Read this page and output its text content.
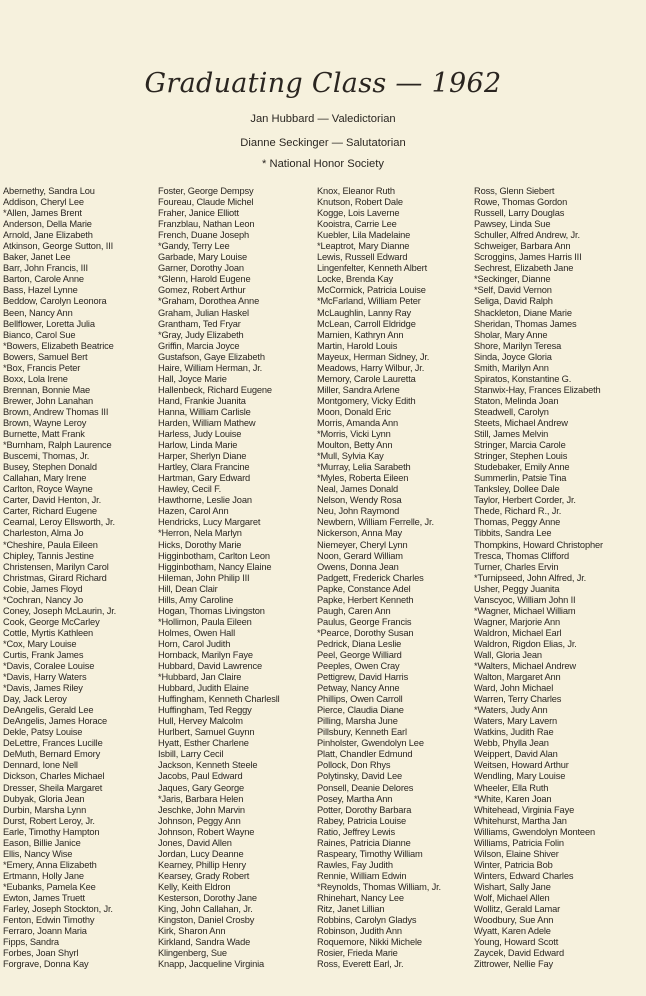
Graduating Class — 1962
Jan Hubbard — Valedictorian
Dianne Seckinger — Salutatorian
* National Honor Society
Abernethy, Sandra Lou
Addison, Cheryl Lee
*Allen, James Brent
Anderson, Della Marie
Arnold, Jane Elizabeth
Atkinson, George Sutton, III
Baker, Janet Lee
Barr, John Francis, III
Barton, Carole Anne
Bass, Hazel Lynne
Beddow, Carolyn Leonora
Been, Nancy Ann
Bellflower, Loretta Julia
Bianco, Carol Sue
*Bowers, Elizabeth Beatrice
Bowers, Samuel Bert
*Box, Francis Peter
Boxx, Lola Irene
Brennan, Bonnie Mae
Brewer, John Lanahan
Brown, Andrew Thomas III
Brown, Wayne Leroy
Burnette, Matt Frank
*Burnham, Ralph Laurence
Buscemi, Thomas, Jr.
Busey, Stephen Donald
Callahan, Mary Irene
Carlton, Royce Wayne
Carter, David Henton, Jr.
Carter, Richard Eugene
Cearnal, Leroy Ellsworth, Jr.
Charleston, Alma Jo
*Cheshire, Paula Eileen
Chipley, Tannis Jestine
Christensen, Marilyn Carol
Christmas, Girard Richard
Cobie, James Floyd
*Cochran, Nancy Jo
Coney, Joseph McLaurin, Jr.
Cook, George McCarley
Cottle, Myrtis Kathleen
*Cox, Mary Louise
Curtis, Frank James
*Davis, Coralee Louise
*Davis, Harry Waters
*Davis, James Riley
Day, Jack Leroy
DeAngelis, Gerald Lee
DeAngelis, James Horace
Dekle, Patsy Louise
DeLettre, Frances Lucille
DeMuth, Bernard Emory
Dennard, Ione Nell
Dickson, Charles Michael
Dresser, Sheila Margaret
Dubyak, Gloria Jean
Durbin, Marsha Lynn
Durst, Robert Leroy, Jr.
Earle, Timothy Hampton
Eason, Billie Janice
Ellis, Nancy Wise
*Emery, Anna Elizabeth
Ertmann, Holly Jane
*Eubanks, Pamela Kee
Ewton, James Truett
Farley, Joseph Stockton, Jr.
Fenton, Edwin Timothy
Ferraro, Joann Maria
Fipps, Sandra
Forbes, Joan Shyrl
Forgrave, Donna Kay
Foster, George Dempsy
Foureau, Claude Michel
Fraher, Janice Elliott
Franzblau, Nathan Leon
French, Duane Joseph
*Gandy, Terry Lee
Garbade, Mary Louise
Garner, Dorothy Joan
*Glenn, Harold Eugene
Gomez, Robert Arthur
*Graham, Dorothea Anne
Graham, Julian Haskel
Grantham, Ted Fryar
*Gray, Judy Elizabeth
Griffin, Marcia Joyce
Gustafson, Gaye Elizabeth
Haire, William Herman, Jr.
Hall, Joyce Marie
Hallenbeck, Richard Eugene
Hand, Frankie Juanita
Hanna, William Carlisle
Harden, William Mathew
Harless, Judy Louise
Harlow, Linda Marie
Harper, Sherlyn Diane
Hartley, Clara Francine
Hartman, Gary Edward
Hawley, Cecil F.
Hawthorne, Leslie Joan
Hazen, Carol Ann
Hendricks, Lucy Margaret
*Herron, Nela Marlyn
Hicks, Dorothy Marie
Higginbotham, Carlton Leon
Higginbotham, Nancy Elaine
Hileman, John Philip III
Hill, Dean Clair
Hills, Amy Caroline
Hogan, Thomas Livingston
*Hollimon, Paula Eileen
Holmes, Owen Hall
Horn, Carol Judith
Hornback, Marilyn Faye
Hubbard, David Lawrence
*Hubbard, Jan Claire
Hubbard, Judith Elaine
Huffingham, Kenneth Charlesll
Huffingham, Ted Reggy
Hull, Hervey Malcolm
Hurlbert, Samuel Guynn
Hyatt, Esther Charlene
Isbill, Larry Cecil
Jackson, Kenneth Steele
Jacobs, Paul Edward
Jaques, Gary George
*Jaris, Barbara Helen
Jeschke, John Marvin
Johnson, Peggy Ann
Johnson, Robert Wayne
Jones, David Allen
Jordan, Lucy Deanne
Kearney, Phillip Henry
Kearsey, Grady Robert
Kelly, Keith Eldron
Kesterson, Dorothy Jane
King, John Callahan, Jr.
Kingston, Daniel Crosby
Kirk, Sharon Ann
Kirkland, Sandra Wade
Klingenberg, Sue
Knapp, Jacqueline Virginia
Knox, Eleanor Ruth
Knutson, Robert Dale
Kogge, Lois Laverne
Kooistra, Carrie Lee
Kuebler, Lila Madelaine
*Leaptrot, Mary Dianne
Lewis, Russell Edward
Lingenfelter, Kenneth Albert
Locke, Brenda Kay
McCormick, Patricia Louise
*McFarland, William Peter
McLaughlin, Lanny Ray
McLean, Carroll Eldridge
Marnien, Kathryn Ann
Martin, Harold Louis
Mayeux, Herman Sidney, Jr.
Meadows, Harry Wilbur, Jr.
Memory, Carole Lauretta
Miller, Sandra Arlene
Montgomery, Vicky Edith
Moon, Donald Eric
Morris, Amanda Ann
*Morris, Vicki Lynn
Moulton, Betty Ann
*Mull, Sylvia Kay
*Murray, Lelia Sarabeth
*Myles, Roberta Eileen
Neal, James Donald
Nelson, Wendy Rosa
Neu, John Raymond
Newbern, William Ferrelle, Jr.
Nickerson, Anna May
Niemeyer, Cheryl Lynn
Noon, Gerard William
Owens, Donna Jean
Padgett, Frederick Charles
Papke, Constance Adel
Papke, Herbert Kenneth
Paugh, Caren Ann
Paulus, George Francis
*Pearce, Dorothy Susan
Pedrick, Diana Leslie
Peel, George Williard
Peeples, Owen Cray
Pettigrew, David Harris
Petway, Nancy Anne
Phillips, Owen Carroll
Pierce, Claudia Diane
Pilling, Marsha June
Pillsbury, Kenneth Earl
Pinholster, Gwendolyn Lee
Platt, Chandler Edmund
Pollock, Don Rhys
Polytinsky, David Lee
Ponsell, Deanie Delores
Posey, Martha Ann
Potter, Dorothy Barbara
Rabey, Patricia Louise
Ratio, Jeffrey Lewis
Raines, Patricia Dianne
Raspeary, Timothy William
Rawles, Fay Judith
Rennie, William Edwin
*Reynolds, Thomas William, Jr.
Rhinehart, Nancy Lee
Ritz, Janet Lillian
Robbins, Carolyn Gladys
Robinson, Judith Ann
Roquemore, Nikki Michele
Rosier, Frieda Marie
Ross, Everett Earl, Jr.
Ross, Glenn Siebert
Rowe, Thomas Gordon
Russell, Larry Douglas
Pawsey, Linda Sue
Schuller, Alfred Andrew, Jr.
Schweiger, Barbara Ann
Scroggins, James Harris III
Sechrest, Elizabeth Jane
*Seckinger, Dianne
*Self, David Vernon
Seliga, David Ralph
Shackleton, Diane Marie
Sheridan, Thomas James
Sholar, Mary Anne
Shore, Marilyn Teresa
Sinda, Joyce Gloria
Smith, Marilyn Ann
Spiratos, Konstantine G.
Stanwix-Hay, Frances Elizabeth
Staton, Melinda Joan
Steadwell, Carolyn
Steets, Michael Andrew
Still, James Melvin
Stringer, Marcia Carole
Stringer, Stephen Louis
Studebaker, Emily Anne
Summerlin, Patsie Tina
Tanksley, Dollee Dale
Taylor, Herbert Corder, Jr.
Thede, Richard R., Jr.
Thomas, Peggy Anne
Tibbits, Sandra Lee
Thompkins, Howard Christopher
Tresca, Thomas Clifford
Turner, Charles Ervin
*Turnipseed, John Alfred, Jr.
Usher, Peggy Juanita
Vanscyoc, William John II
*Wagner, Michael William
Wagner, Marjorie Ann
Waldron, Michael Earl
Waldron, Rigdon Elias, Jr.
Wall, Gloria Jean
*Walters, Michael Andrew
Walton, Margaret Ann
Ward, John Michael
Warren, Terry Charles
*Waters, Judy Ann
Waters, Mary Lavern
Watkins, Judith Rae
Webb, Phylla Jean
Weippert, David Alan
Weitsen, Howard Arthur
Wendling, Mary Louise
Wheeler, Ella Ruth
*White, Karen Joan
Whitehead, Virginia Faye
Whitehurst, Martha Jan
Williams, Gwendolyn Monteen
Williams, Patricia Folin
Wilson, Elaine Shiver
Winter, Patricia Bob
Winters, Edward Charles
Wishart, Sally Jane
Wolf, Michael Allen
Wollitz, Gerald Lamar
Woodbury, Sue Ann
Wyatt, Karen Adele
Young, Howard Scott
Zaycek, David Edward
Zittrower, Nellie Fay
